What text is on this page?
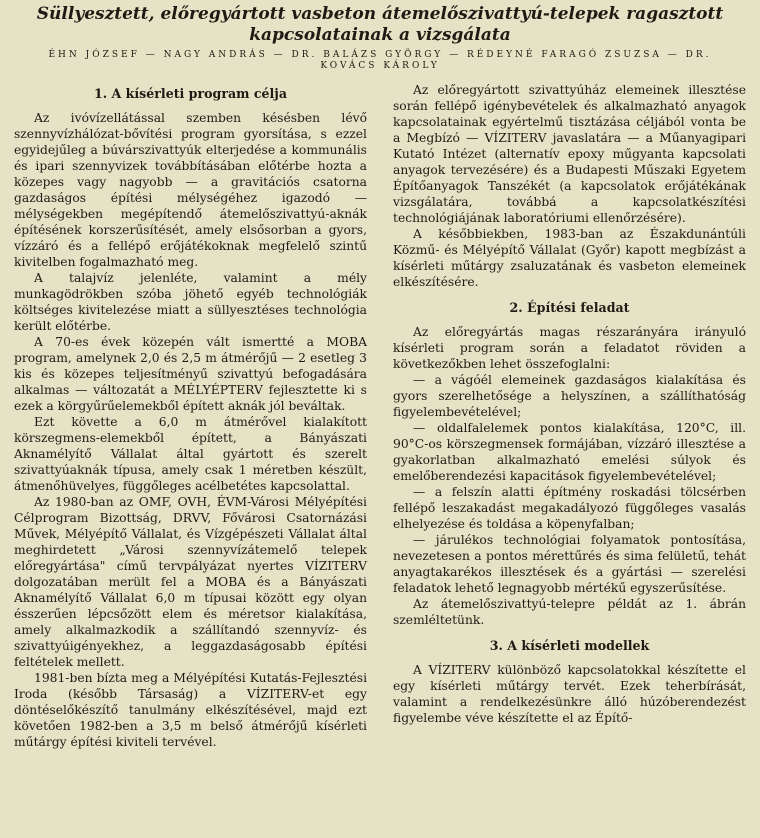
Süllyesztett, előregyártott vasbeton átemelőszivattyú-telepek ragasztott kapcsolatainak a vizsgálata
ÉHN JÓZSEF — NAGY ANDRÁS — DR. BALÁZS GYÖRGY — RÉDEYNÉ FARAGÓ ZSUZSA — DR. KOVÁCS KÁROLY
1. A kísérleti program célja

Az ivóvízellátással szemben késésben lévő szennyvízhálózat-bővítési program gyorsítása, s ezzel egyidejűleg a búvárszivattyúk elterjedése a kommunális és ipari szennyvizek továbbításában előtérbe hozta a közepes vagy nagyobb — a gravitációs csatorna gazdaságos építési mélységéhez igazodó — mélységekben megépítendő átemelőszivattyú-aknák építésének korszerűsítését, amely elsősorban a gyors, vízzáró és a fellépő erőjátékoknak megfelelő szintű kivitelben fogalmazható meg.

A talajvíz jelenléte, valamint a mély munkagödrökben szóba jöhető egyéb technológiák költséges kivitelezése miatt a süllyesztéses technológia került előtérbe.

A 70-es évek közepén vált ismertté a MOBA program, amelynek 2,0 és 2,5 m átmérőjű — 2 esetleg 3 kis és közepes teljesítményű szivattyú befogadására alkalmas — változatát a MÉLYÉPTERV fejlesztette ki s ezek a körgyűrűelemekből épített aknák jól beváltak.

Ezt követte a 6,0 m átmérővel kialakított körszegmens-elemekből épített, a Bányászati Aknamélyítő Vállalat által gyártott és szerelt szivattyúaknák típusa, amely csak 1 méretben készült, átmenőhüvelyes, függőleges acélbetétes kapcsolattal.

Az 1980-ban az OMF, OVH, ÉVM-Városi Mélyépítési Célprogram Bizottság, DRVV, Fővárosi Csatornázási Művek, Mélyépítő Vállalat, és Vízgépészeti Vállalat által meghirdetett „Városi szennyvízátemelő telepek előregyártása" című tervpályázat nyertes VÍZITERV dolgozatában merült fel a MOBA és a Bányászati Aknamélyítő Vállalat 6,0 m típusai között egy olyan ésszerűen lépcsőzött elem és méretsor kialakítása, amely alkalmazkodik a szállítandó szennyvíz- és szivattyúigényekhez, a leggazdaságosabb építési feltételek mellett.

1981-ben bízta meg a Mélyépítési Kutatás-Fejlesztési Iroda (később Társaság) a VÍZITERV-et egy döntéselőkészítő tanulmány elkészítésével, majd ezt követően 1982-ben a 3,5 m belső átmérőjű kísérleti műtárgy építési kiviteli tervével.

Az előregyártott szivattyúház elemeinek illesztése során fellépő igénybevételek és alkalmazható anyagok kapcsolatainak egyértelmű tisztázása céljából vonta be a Megbízó — VÍZITERV javaslatára — a Műanyagipari Kutató Intézet (alternatív epoxy műgyanta kapcsolati anyagok tervezésére) és a Budapesti Műszaki Egyetem Építőanyagok Tanszékét (a kapcsolatok erőjátékának vizsgálatára, továbbá a kapcsolatkészítési technológiájának laboratóriumi ellenőrzésére).

A későbbiekben, 1983-ban az Északdunántúli Közmű- és Mélyépítő Vállalat (Győr) kapott megbízást a kísérleti műtárgy zsaluzatának és vasbeton elemeinek elkészítésére.

2. Építési feladat

Az előregyártás magas részarányára irányuló kísérleti program során a feladatot röviden a következőkben lehet összefoglalni:

— a vágóél elemeinek gazdaságos kialakítása és gyors szerelhetősége a helyszínen, a szállíthatóság figyelembevételével;

— oldalfalelemek pontos kialakítása, 120°C, ill. 90°C-os körszegmensek formájában, vízzáró illesztése a gyakorlatban alkalmazható emelési súlyok és emelőberendezési kapacitások figyelembevételével;

— a felszín alatti építmény roskadási tölcsérben fellépő leszakadást megakadályozó függőleges vasalás elhelyezése és toldása a köpenyfalban;

— járulékos technológiai folyamatok pontosítása, nevezetesen a pontos mérettűrés és sima felületű, tehát anyagtakarékos illesztések és a gyártási — szerelési feladatok lehető legnagyobb mértékű egyszerűsítése.

Az átemelőszivattyú-telepre példát az 1. ábrán szemléltetünk.

3. A kísérleti modellek

A VÍZITERV különböző kapcsolatokkal készítette el egy kísérleti műtárgy tervét. Ezek teherbírását, valamint a rendelkezésünkre álló húzóberendezést figyelembe véve készítette el az Építő-
